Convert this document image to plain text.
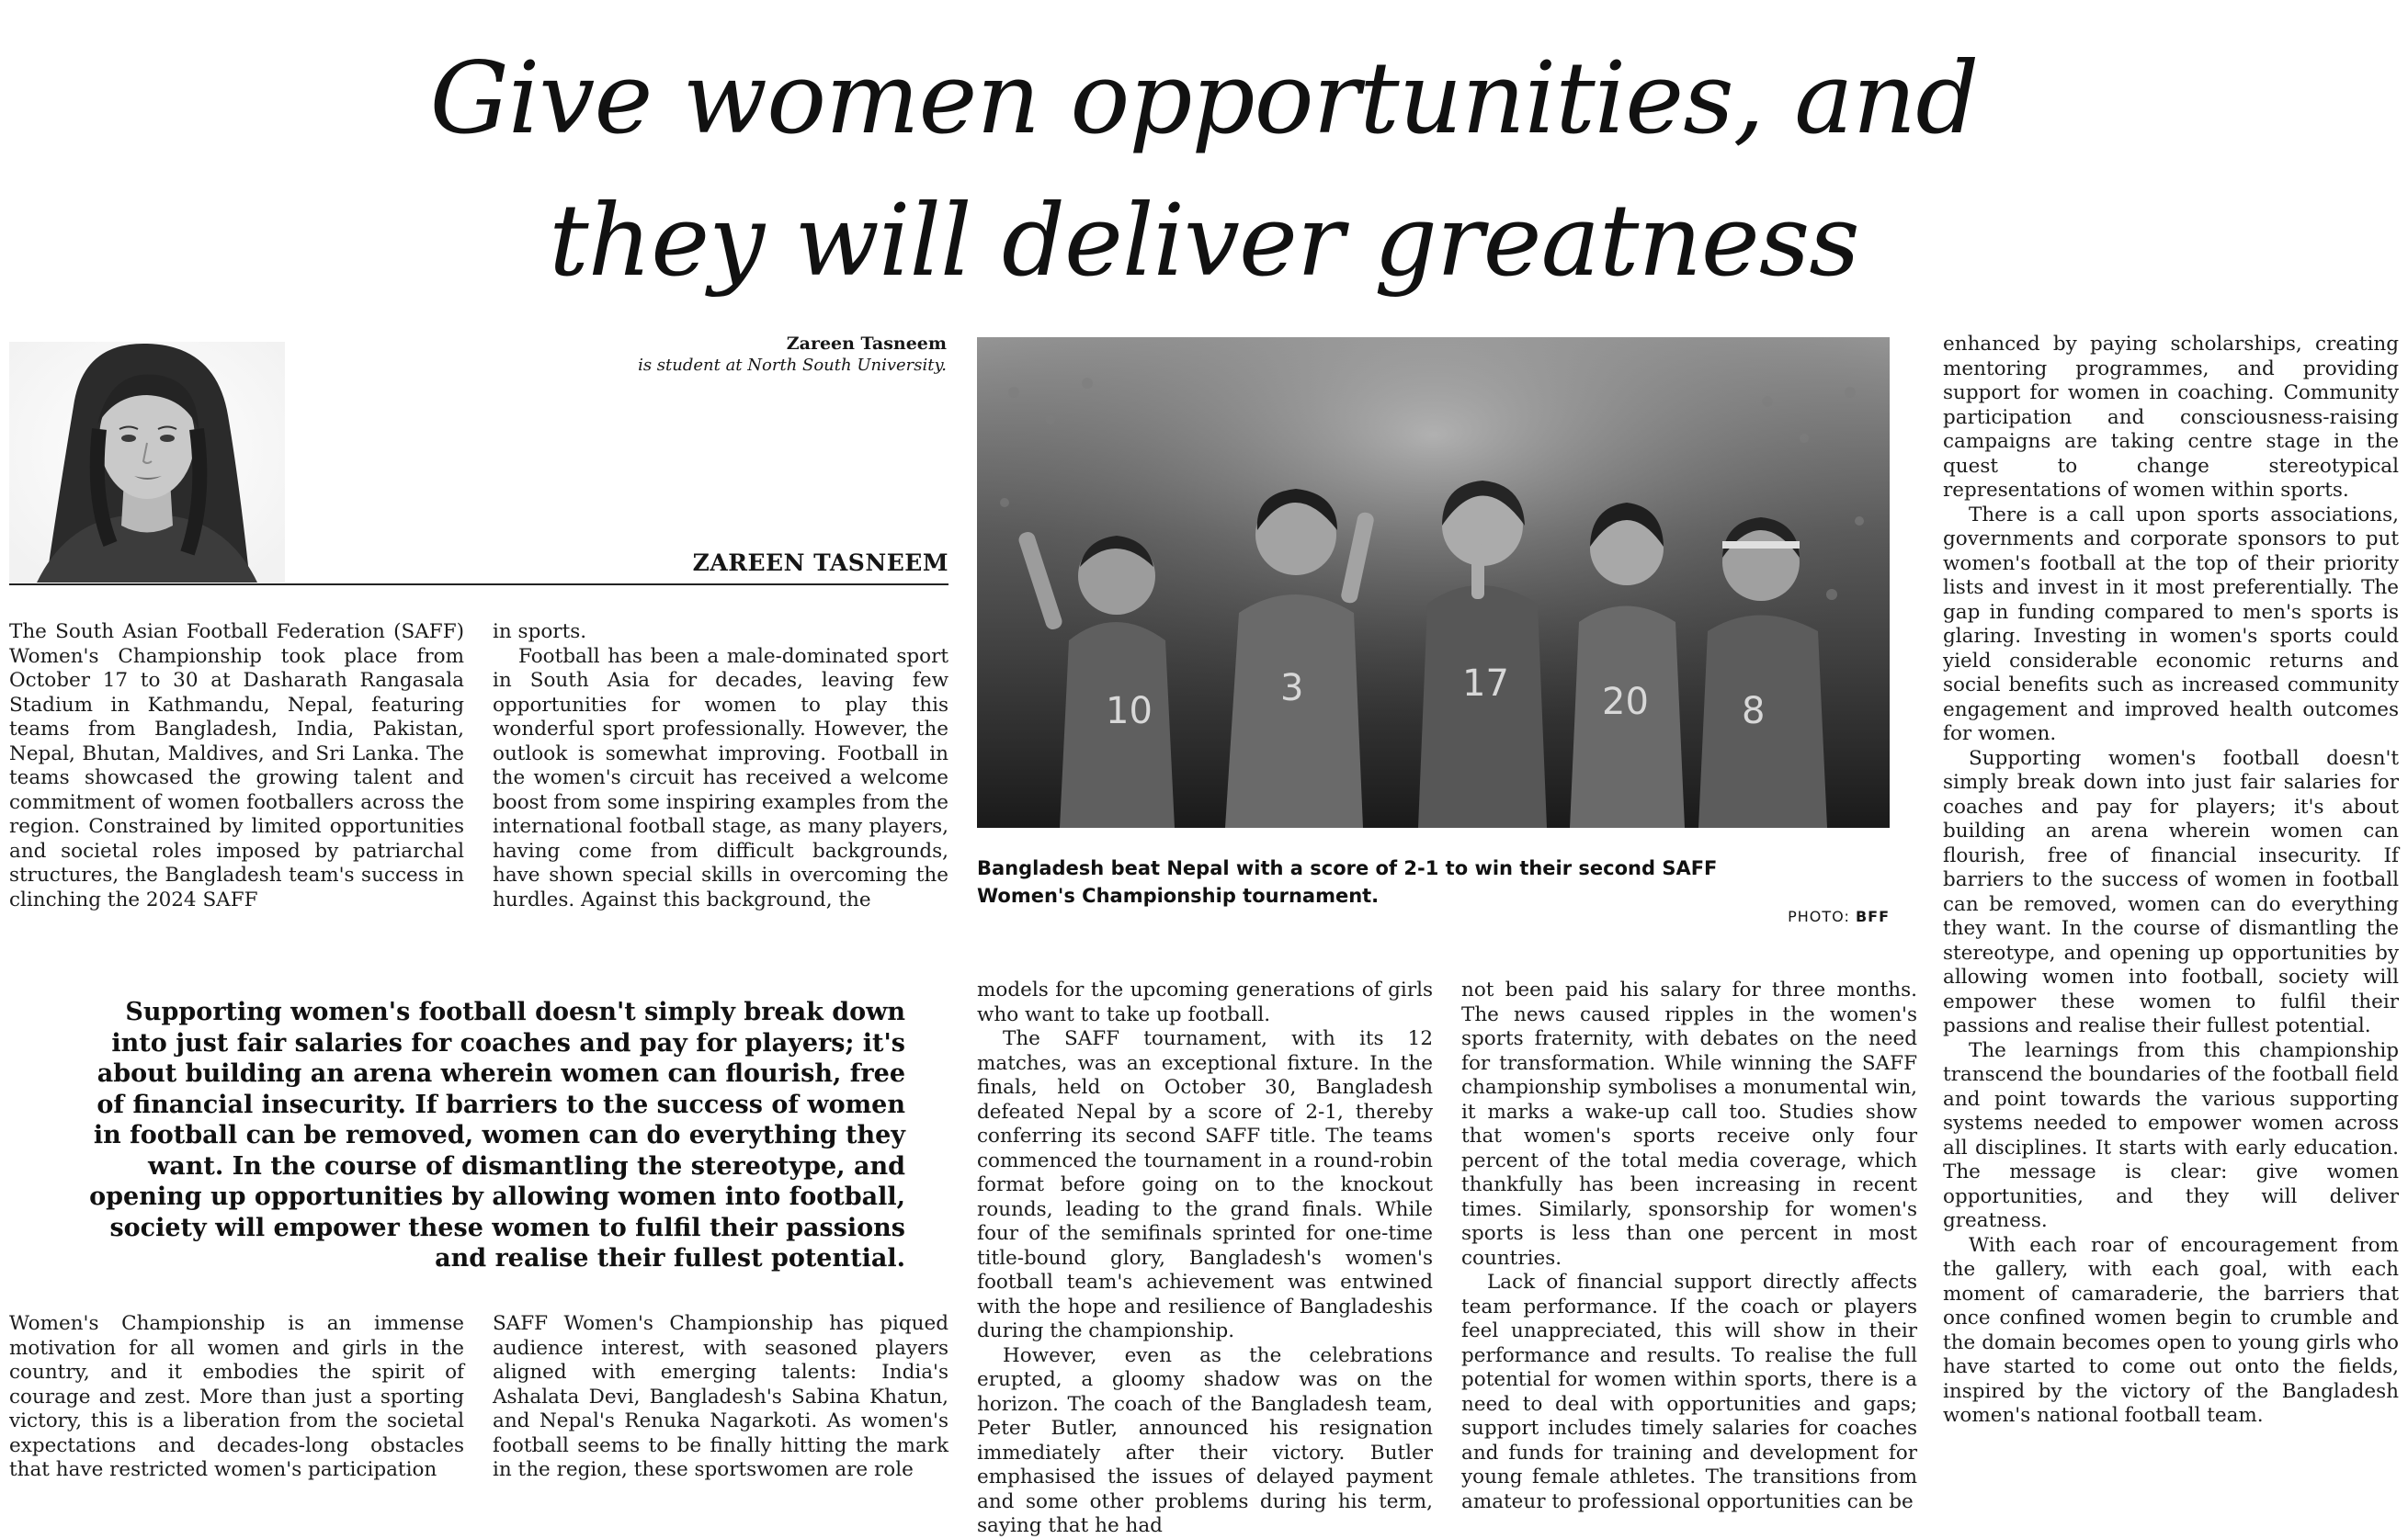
Give women opportunities, and
they will deliver greatness
Zareen Tasneem
is student at North South University.
ZAREEN TASNEEM

The South Asian Football Federation (SAFF) Women's Championship took place from October 17 to 30 at Dasharath Rangasala Stadium in Kathmandu, Nepal, featuring teams from Bangladesh, India, Pakistan, Nepal, Bhutan, Maldives, and Sri Lanka. The teams showcased the growing talent and commitment of women footballers across the region. Constrained by limited opportunities and societal roles imposed by patriarchal structures, the Bangladesh team's success in clinching the 2024 SAFF

in sports.

Football has been a male-dominated sport in South Asia for decades, leaving few opportunities for women to play this wonderful sport professionally. However, the outlook is somewhat improving. Football in the women's circuit has received a welcome boost from some inspiring examples from the international football stage, as many players, having come from difficult backgrounds, have shown special skills in overcoming the hurdles. Against this background, the

Supporting women's football doesn't simply break down into just fair salaries for coaches and pay for players; it's about building an arena wherein women can flourish, free of financial insecurity. If barriers to the success of women in football can be removed, women can do everything they want. In the course of dismantling the stereotype, and opening up opportunities by allowing women into football, society will empower these women to fulfil their passions and realise their fullest potential.

Women's Championship is an immense motivation for all women and girls in the country, and it embodies the spirit of courage and zest. More than just a sporting victory, this is a liberation from the societal expectations and decades-long obstacles that have restricted women's participation

SAFF Women's Championship has piqued audience interest, with seasoned players aligned with emerging talents: India's Ashalata Devi, Bangladesh's Sabina Khatun, and Nepal's Renuka Nagarkoti. As women's football seems to be finally hitting the mark in the region, these sportswomen are role

10
3	17	20	8
Bangladesh beat Nepal with a score of 2-1 to win their second SAFF Women's Championship tournament.
PHOTO: BFF

models for the upcoming generations of girls who want to take up football.

The SAFF tournament, with its 12 matches, was an exceptional fixture. In the finals, held on October 30, Bangladesh defeated Nepal by a score of 2-1, thereby conferring its second SAFF title. The teams commenced the tournament in a round-robin format before going on to the knockout rounds, leading to the grand finals. While four of the semifinals sprinted for one-time title-bound glory, Bangladesh's women's football team's achievement was entwined with the hope and resilience of Bangladeshis during the championship.

However, even as the celebrations erupted, a gloomy shadow was on the horizon. The coach of the Bangladesh team, Peter Butler, announced his resignation immediately after their victory. Butler emphasised the issues of delayed payment and some other problems during his term, saying that he had

not been paid his salary for three months. The news caused ripples in the women's sports fraternity, with debates on the need for transformation. While winning the SAFF championship symbolises a monumental win, it marks a wake-up call too. Studies show that women's sports receive only four percent of the total media coverage, which thankfully has been increasing in recent times. Similarly, sponsorship for women's sports is less than one percent in most countries.

Lack of financial support directly affects team performance. If the coach or players feel unappreciated, this will show in their performance and results. To realise the full potential for women within sports, there is a need to deal with opportunities and gaps; support includes timely salaries for coaches and funds for training and development for young female athletes. The transitions from amateur to professional opportunities can be

enhanced by paying scholarships, creating mentoring programmes, and providing support for women in coaching. Community participation and consciousness-raising campaigns are taking centre stage in the quest to change stereotypical representations of women within sports.

There is a call upon sports associations, governments and corporate sponsors to put women's football at the top of their priority lists and invest in it most preferentially. The gap in funding compared to men's sports is glaring. Investing in women's sports could yield considerable economic returns and social benefits such as increased community engagement and improved health outcomes for women.

Supporting women's football doesn't simply break down into just fair salaries for coaches and pay for players; it's about building an arena wherein women can flourish, free of financial insecurity. If barriers to the success of women in football can be removed, women can do everything they want. In the course of dismantling the stereotype, and opening up opportunities by allowing women into football, society will empower these women to fulfil their passions and realise their fullest potential.

The learnings from this championship transcend the boundaries of the football field and point towards the various supporting systems needed to empower women across all disciplines. It starts with early education. The message is clear: give women opportunities, and they will deliver greatness.

With each roar of encouragement from the gallery, with each goal, with each moment of camaraderie, the barriers that once confined women begin to crumble and the domain becomes open to young girls who have started to come out onto the fields, inspired by the victory of the Bangladesh women's national football team.
